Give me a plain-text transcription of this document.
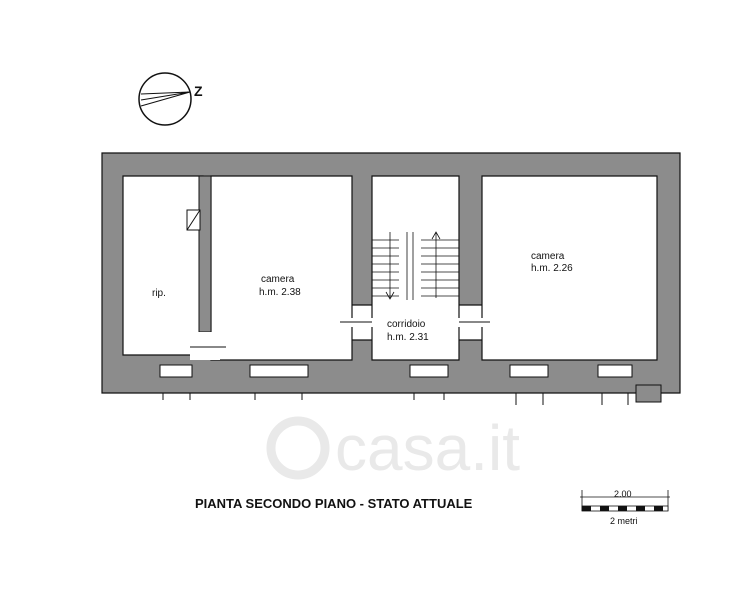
casa.it
Z
rip.
camera
h.m. 2.38
corridoio
h.m. 2.31
camera
h.m. 2.26
PIANTA SECONDO PIANO - STATO ATTUALE
2.00
2 metri
